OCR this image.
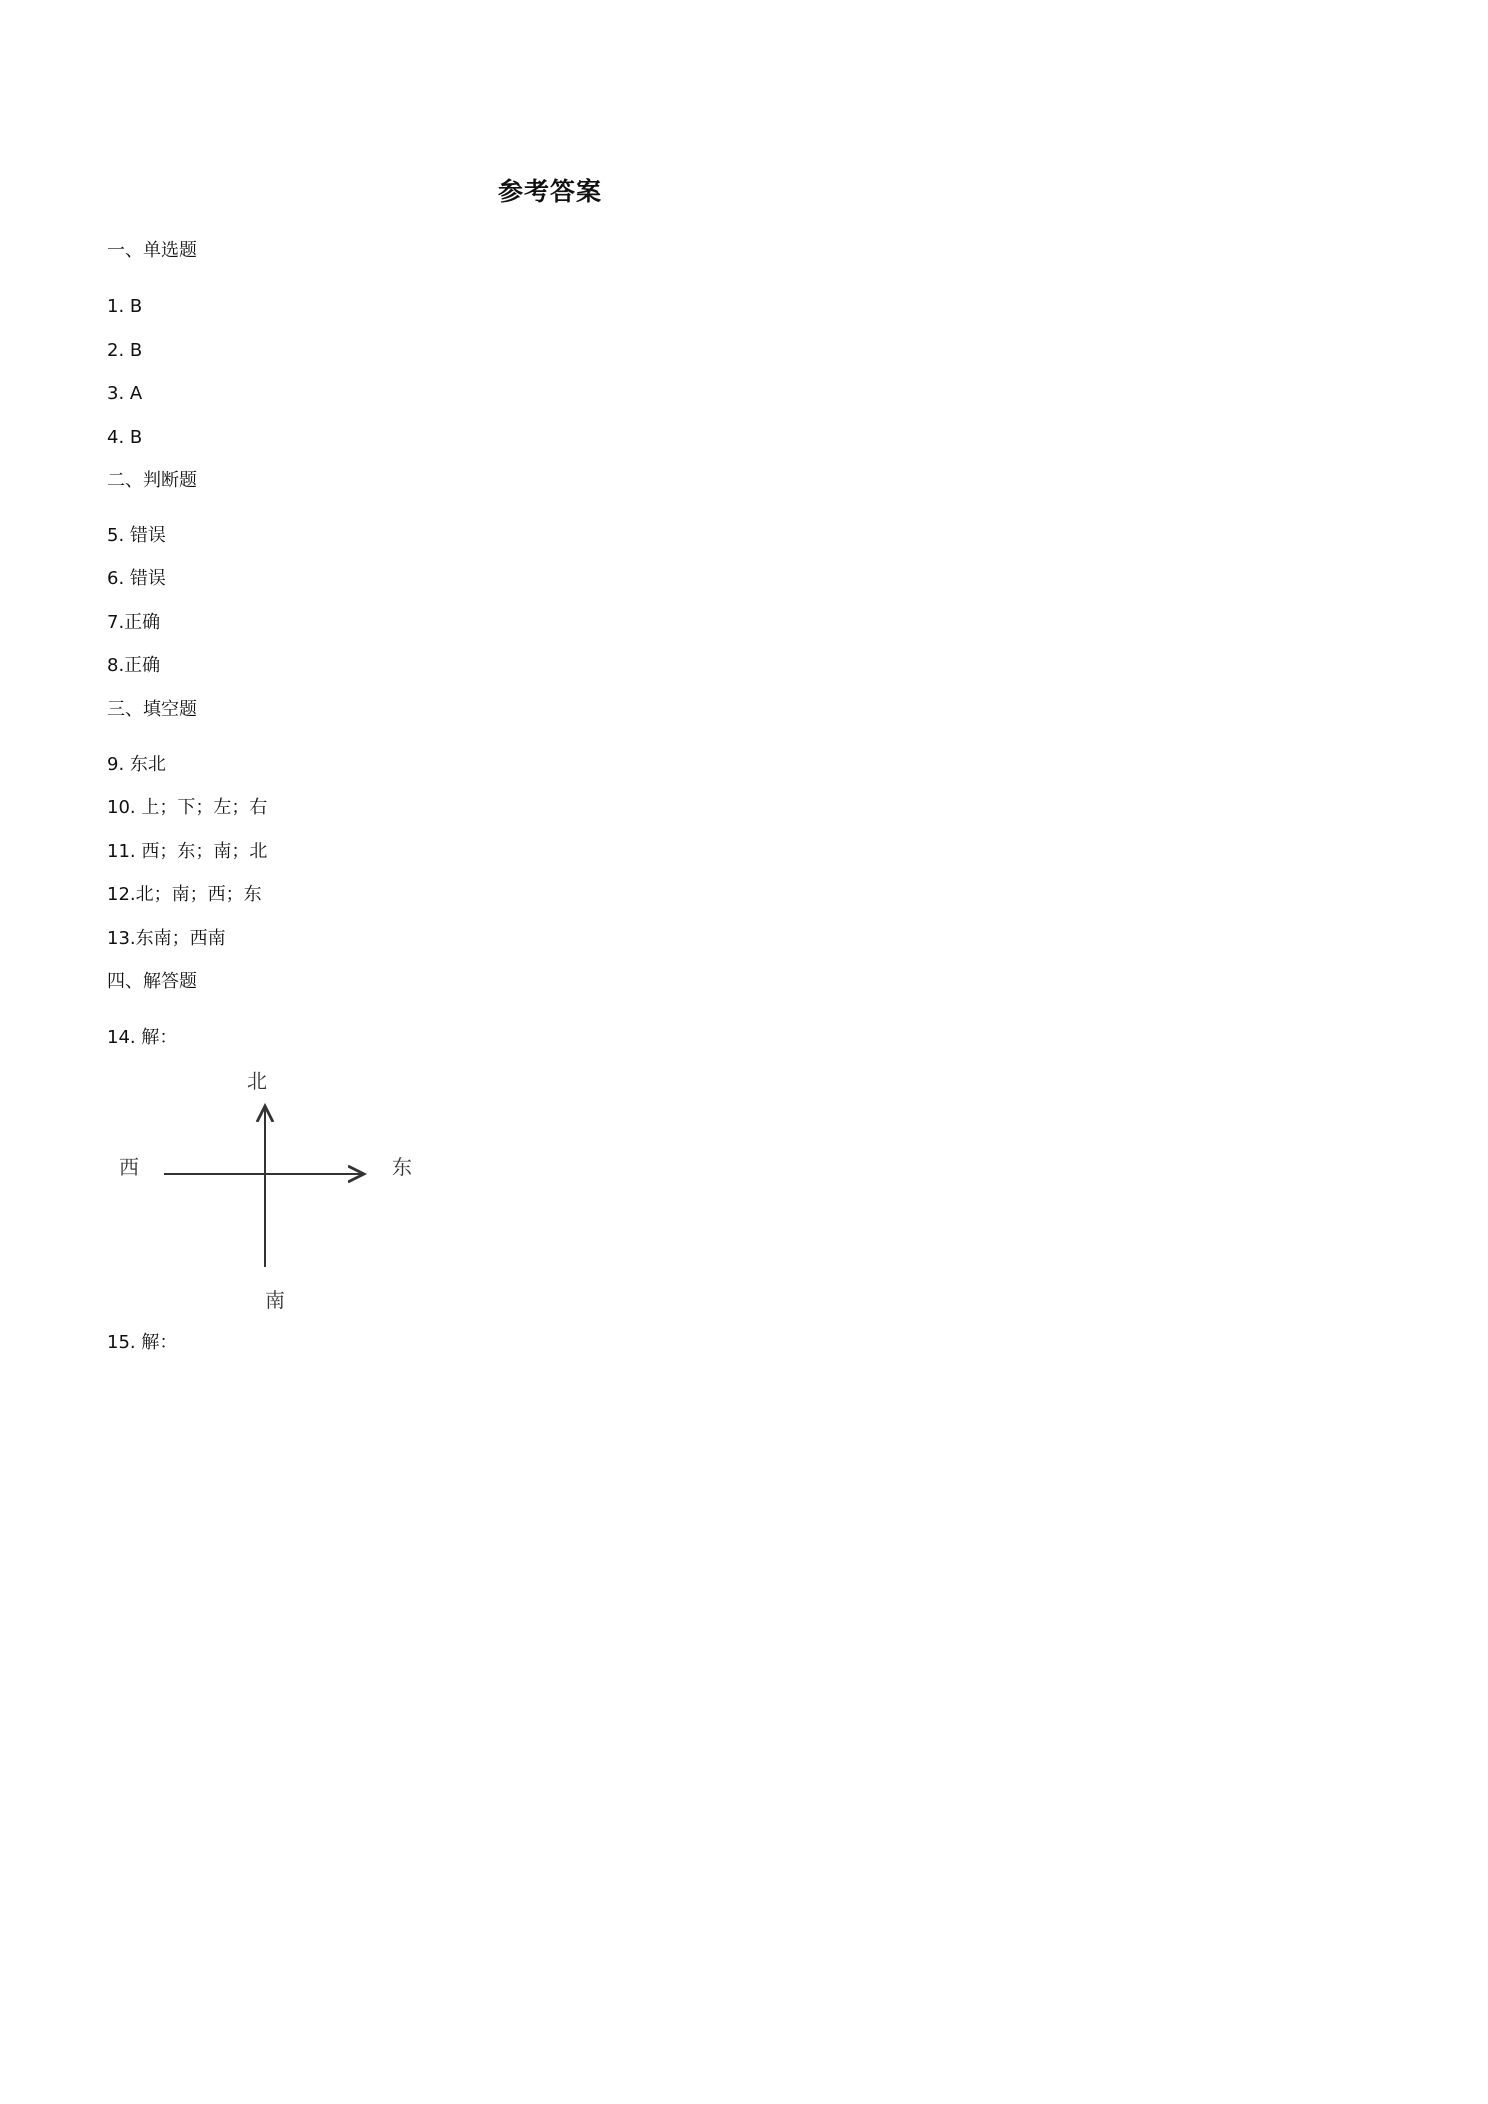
参考答案
一、单选题
1. B
2. B
3. A
4. B
二、判断题
5. 错误
6. 错误
7.正确
8.正确
三、填空题
9. 东北
10. 上；下；左；右
11. 西；东；南；北
12.北；南；西；东
13.东南；西南
四、解答题
14. 解：
北
西	东
南
15. 解：
